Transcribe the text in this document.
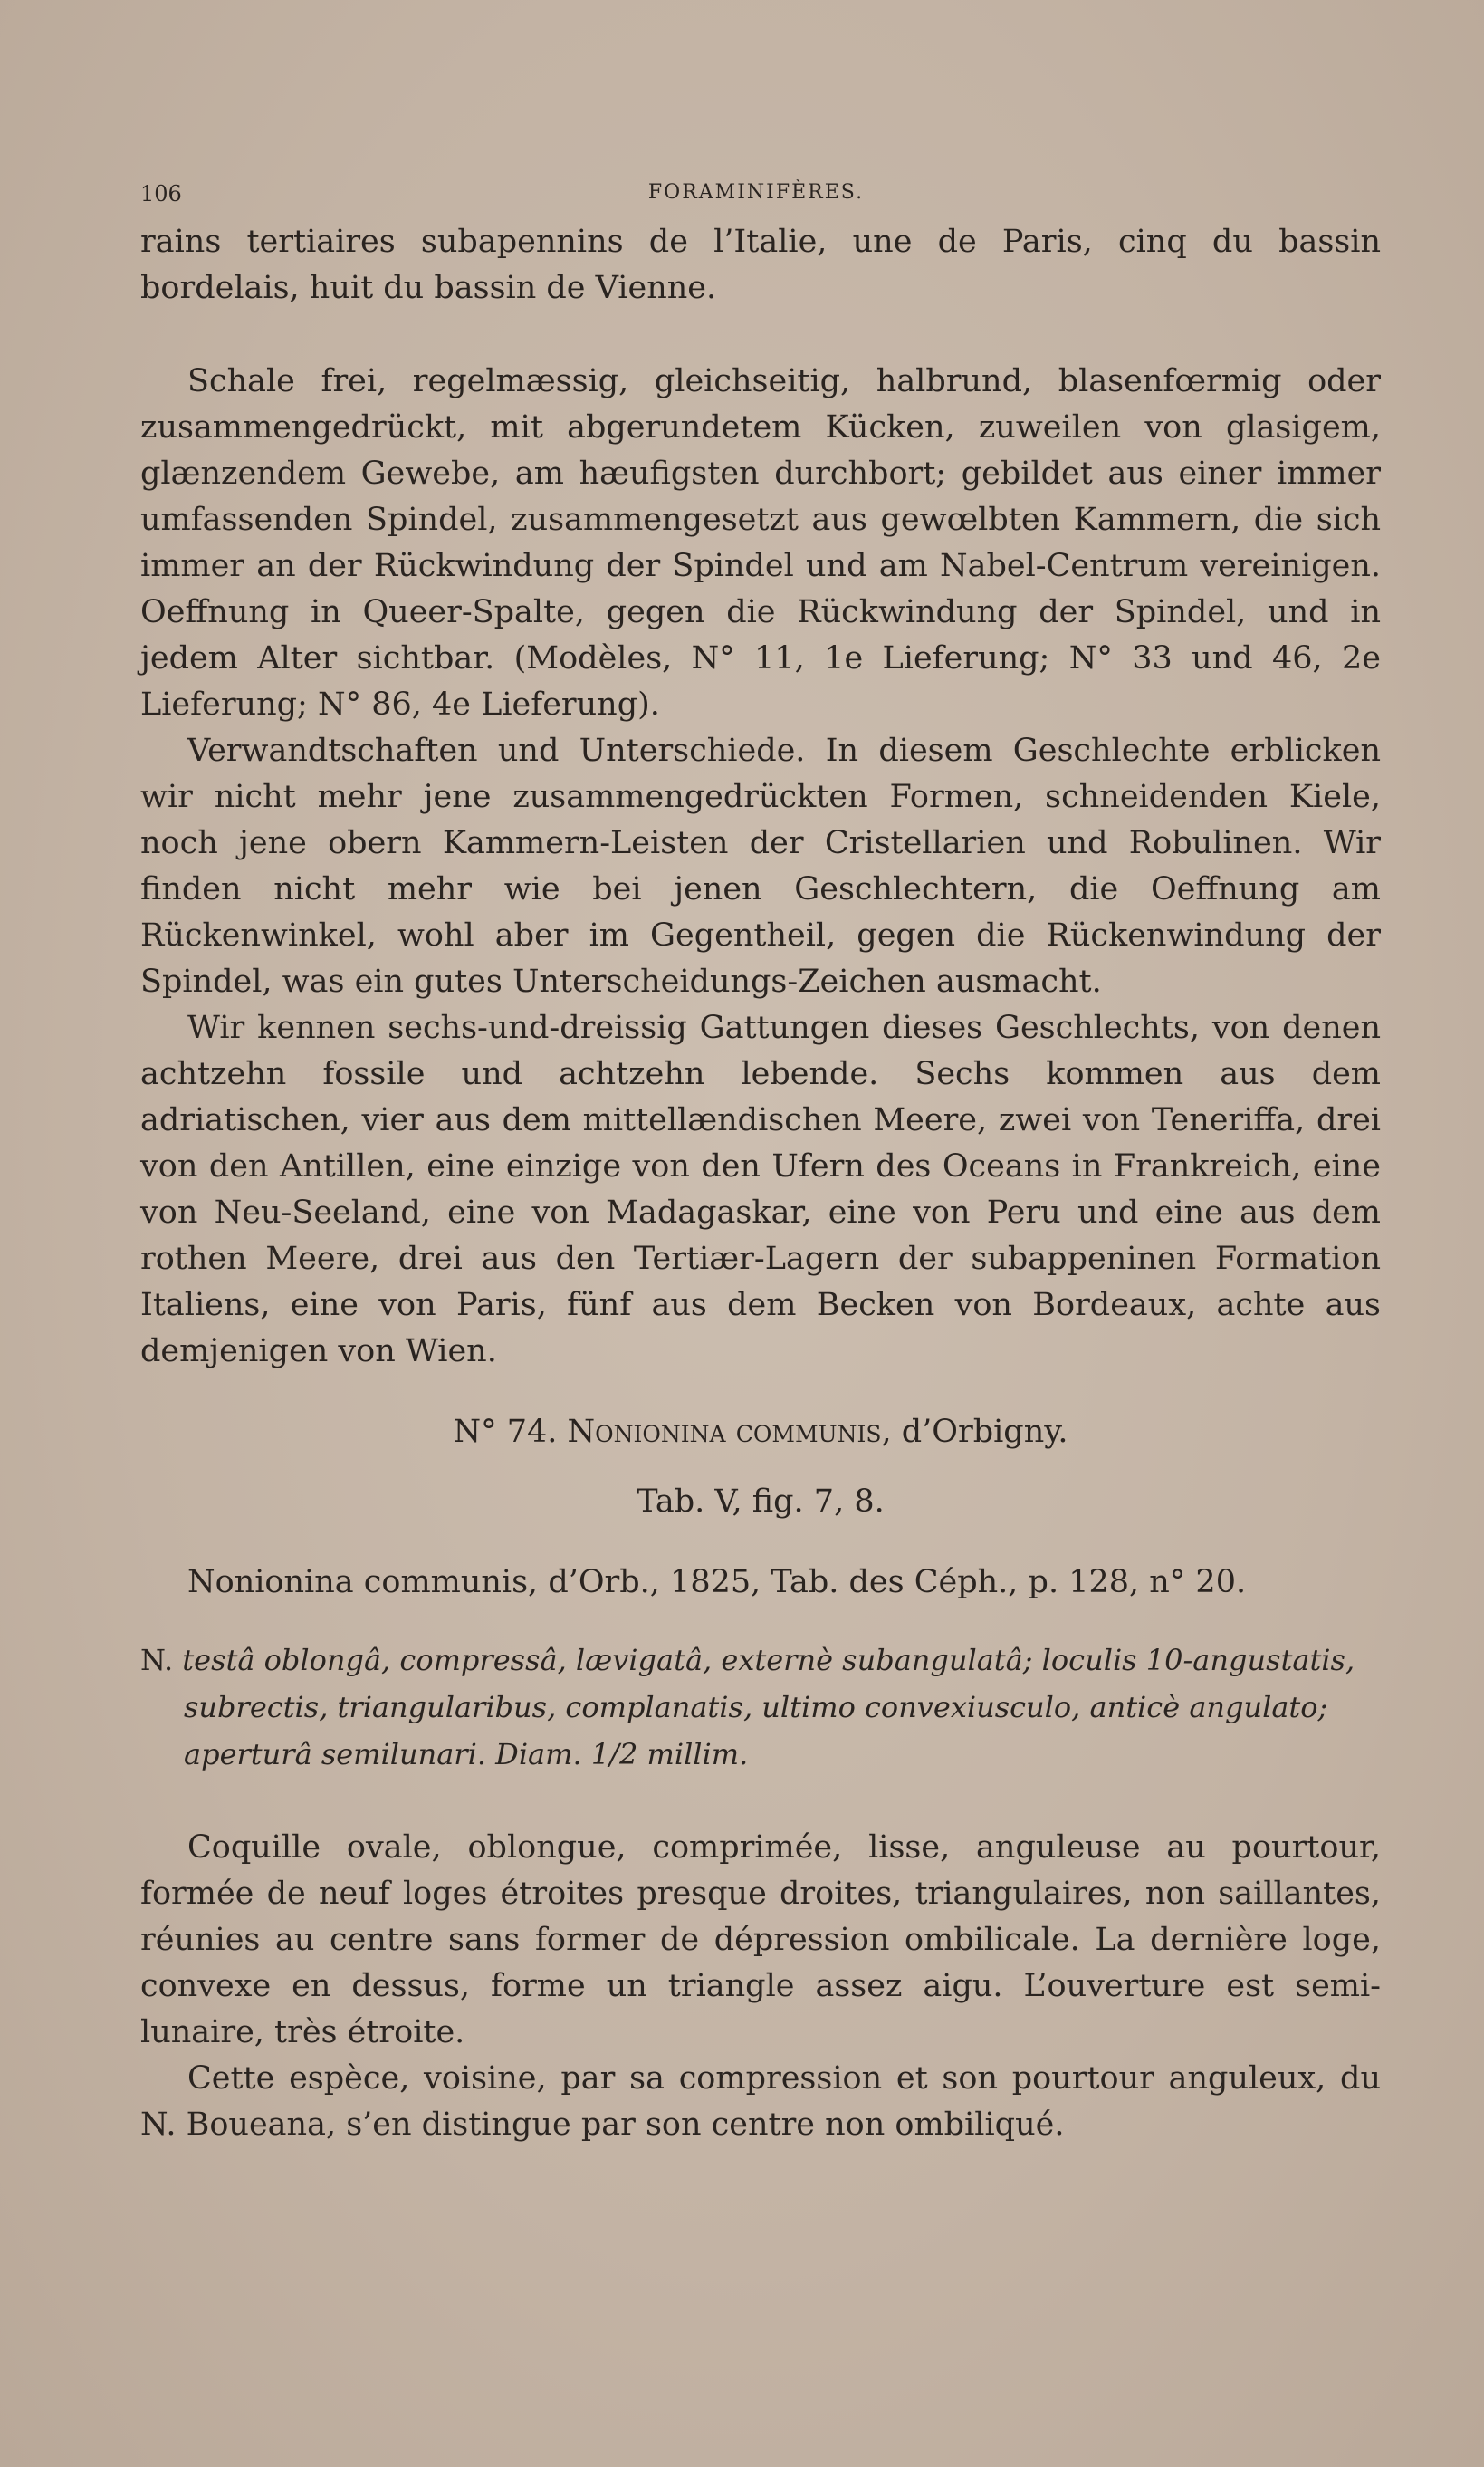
106	FORAMINIFÈRES.

rains tertiaires subapennins de l’Italie, une de Paris, cinq du bassin bordelais, huit du bassin de Vienne.

Schale frei, regelmæssig, gleichseitig, halbrund, blasenfœrmig oder zusammengedrückt, mit abgerundetem Kücken, zuweilen von glasigem, glænzendem Gewebe, am hæufigsten durchbort; gebildet aus einer immer umfassenden Spindel, zusammengesetzt aus gewœlbten Kammern, die sich immer an der Rückwindung der Spindel und am Nabel-Centrum vereinigen. Oeffnung in Queer-Spalte, gegen die Rückwindung der Spindel, und in jedem Alter sichtbar. (Modèles, N° 11, 1e Lieferung; N° 33 und 46, 2e Lieferung; N° 86, 4e Lieferung).

Verwandtschaften und Unterschiede. In diesem Geschlechte erblicken wir nicht mehr jene zusammengedrückten Formen, schneidenden Kiele, noch jene obern Kammern-Leisten der Cristellarien und Robulinen. Wir finden nicht mehr wie bei jenen Geschlechtern, die Oeffnung am Rückenwinkel, wohl aber im Gegentheil, gegen die Rückenwindung der Spindel, was ein gutes Unterscheidungs-Zeichen ausmacht.

Wir kennen sechs-und-dreissig Gattungen dieses Geschlechts, von denen achtzehn fossile und achtzehn lebende. Sechs kommen aus dem adriatischen, vier aus dem mittellændischen Meere, zwei von Teneriffa, drei von den Antillen, eine einzige von den Ufern des Oceans in Frankreich, eine von Neu-Seeland, eine von Madagaskar, eine von Peru und eine aus dem rothen Meere, drei aus den Tertiær-Lagern der subappeninen Formation Italiens, eine von Paris, fünf aus dem Becken von Bordeaux, achte aus demjenigen von Wien.

N° 74. Nonionina communis, d’Orbigny.

Tab. V, fig. 7, 8.

Nonionina communis, d’Orb., 1825, Tab. des Céph., p. 128, n° 20.

N. testâ oblongâ, compressâ, lævigatâ, externè subangulatâ; loculis 10-angustatis, subrectis, triangularibus, complanatis, ultimo convexiusculo, anticè angulato; aperturâ semilunari. Diam. 1/2 millim.

Coquille ovale, oblongue, comprimée, lisse, anguleuse au pourtour, formée de neuf loges étroites presque droites, triangulaires, non saillantes, réunies au centre sans former de dépression ombilicale. La dernière loge, convexe en dessus, forme un triangle assez aigu. L’ouverture est semi-lunaire, très étroite.

Cette espèce, voisine, par sa compression et son pourtour anguleux, du N. Boueana, s’en distingue par son centre non ombiliqué.
